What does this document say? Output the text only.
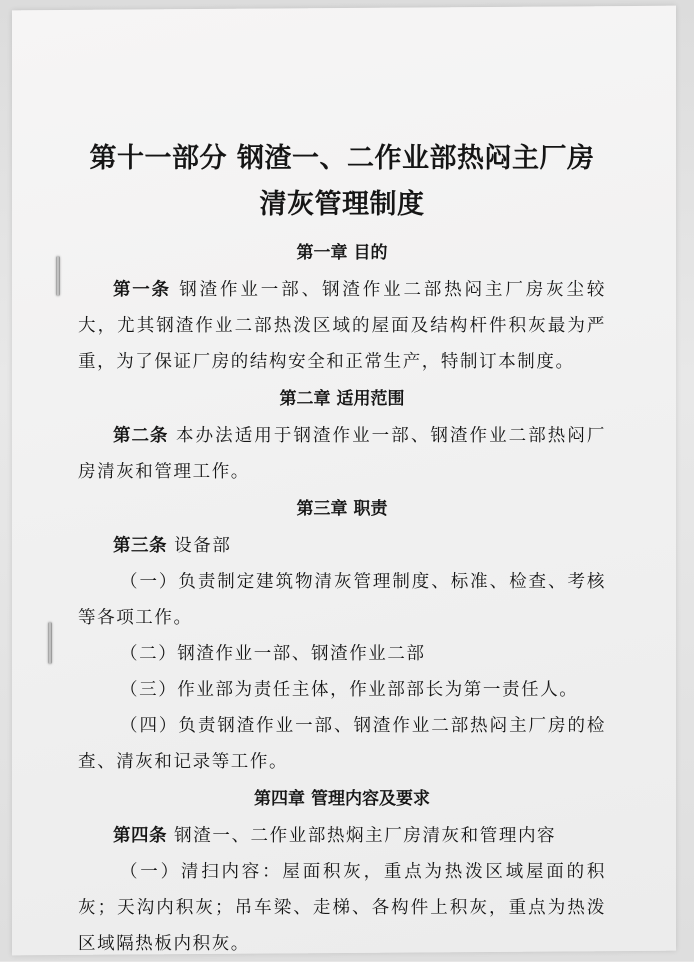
第十一部分 钢渣一、二作业部热闷主厂房
清灰管理制度
第一章 目的

第一条 钢渣作业一部、钢渣作业二部热闷主厂房灰尘较大，尤其钢渣作业二部热泼区域的屋面及结构杆件积灰最为严重，为了保证厂房的结构安全和正常生产，特制订本制度。

第二章 适用范围

第二条 本办法适用于钢渣作业一部、钢渣作业二部热闷厂房清灰和管理工作。

第三章 职责

第三条 设备部

（一）负责制定建筑物清灰管理制度、标准、检查、考核等各项工作。

（二）钢渣作业一部、钢渣作业二部

（三）作业部为责任主体，作业部部长为第一责任人。

（四）负责钢渣作业一部、钢渣作业二部热闷主厂房的检查、清灰和记录等工作。

第四章 管理内容及要求

第四条 钢渣一、二作业部热焖主厂房清灰和管理内容

（一）清扫内容：屋面积灰，重点为热泼区域屋面的积灰；天沟内积灰；吊车梁、走梯、各构件上积灰，重点为热泼区域隔热板内积灰。
